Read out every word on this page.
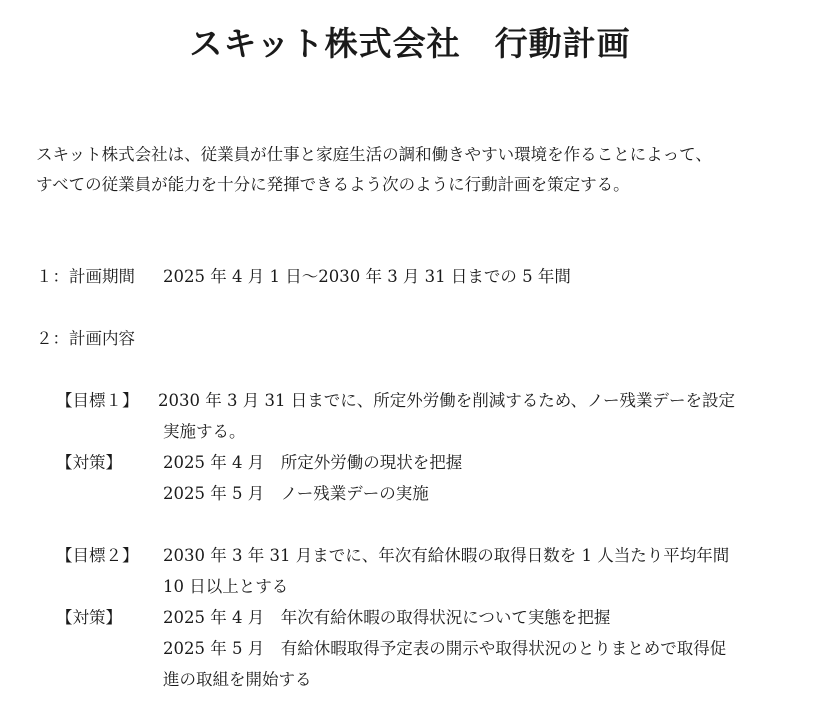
スキット株式会社　行動計画
スキット株式会社は、従業員が仕事と家庭生活の調和働きやすい環境を作ることによって、
すべての従業員が能力を十分に発揮できるよう次のように行動計画を策定する。
１：計画期間 2025 年 4 月 1 日～2030 年 3 月 31 日までの 5 年間
２：計画内容
【目標１】 2030 年 3 月 31 日までに、所定外労働を削減するため、ノー残業デーを設定
実施する。
【対策】 2025 年 4 月　所定外労働の現状を把握
2025 年 5 月　ノー残業デーの実施
【目標２】 2030 年 3 年 31 月までに、年次有給休暇の取得日数を 1 人当たり平均年間
10 日以上とする
【対策】 2025 年 4 月　年次有給休暇の取得状況について実態を把握
2025 年 5 月　有給休暇取得予定表の開示や取得状況のとりまとめで取得促
進の取組を開始する
